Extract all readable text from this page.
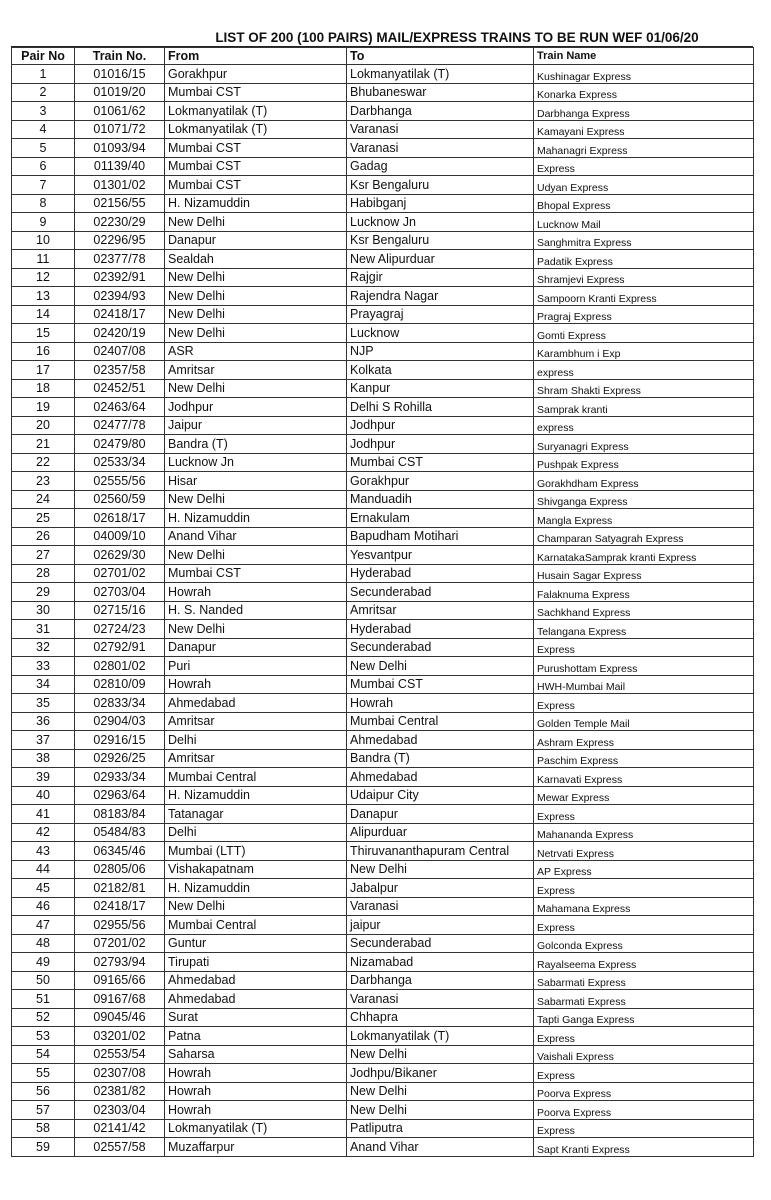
LIST OF 200 (100 PAIRS) MAIL/EXPRESS TRAINS TO BE RUN WEF 01/06/20
Pair No	Train No.	From	To	Train Name
1	01016/15	Gorakhpur	Lokmanyatilak (T)	Kushinagar Express
2	01019/20	Mumbai CST	Bhubaneswar	Konarka Express
3	01061/62	Lokmanyatilak (T)	Darbhanga	Darbhanga Express
4	01071/72	Lokmanyatilak (T)	Varanasi	Kamayani Express
5	01093/94	Mumbai CST	Varanasi	Mahanagri Express
6	01139/40	Mumbai CST	Gadag	Express
7	01301/02	Mumbai CST	Ksr Bengaluru	Udyan Express
8	02156/55	H. Nizamuddin	Habibganj	Bhopal Express
9	02230/29	New Delhi	Lucknow Jn	Lucknow Mail
10	02296/95	Danapur	Ksr Bengaluru	Sanghmitra Express
11	02377/78	Sealdah	New Alipurduar	Padatik Express
12	02392/91	New Delhi	Rajgir	Shramjevi Express
13	02394/93	New Delhi	Rajendra Nagar	Sampoorn Kranti Express
14	02418/17	New Delhi	Prayagraj	Pragraj Express
15	02420/19	New Delhi	Lucknow	Gomti Express
16	02407/08	ASR	NJP	Karambhum i Exp
17	02357/58	Amritsar	Kolkata	express
18	02452/51	New Delhi	Kanpur	Shram Shakti Express
19	02463/64	Jodhpur	Delhi S Rohilla	Samprak kranti
20	02477/78	Jaipur	Jodhpur	express
21	02479/80	Bandra (T)	Jodhpur	Suryanagri Express
22	02533/34	Lucknow Jn	Mumbai CST	Pushpak Express
23	02555/56	Hisar	Gorakhpur	Gorakhdham Express
24	02560/59	New Delhi	Manduadih	Shivganga Express
25	02618/17	H. Nizamuddin	Ernakulam	Mangla Express
26	04009/10	Anand Vihar	Bapudham Motihari	Champaran Satyagrah Express
27	02629/30	New Delhi	Yesvantpur	KarnatakaSamprak kranti Express
28	02701/02	Mumbai CST	Hyderabad	Husain Sagar Express
29	02703/04	Howrah	Secunderabad	Falaknuma Express
30	02715/16	H. S. Nanded	Amritsar	Sachkhand Express
31	02724/23	New Delhi	Hyderabad	Telangana Express
32	02792/91	Danapur	Secunderabad	Express
33	02801/02	Puri	New Delhi	Purushottam Express
34	02810/09	Howrah	Mumbai CST	HWH-Mumbai Mail
35	02833/34	Ahmedabad	Howrah	Express
36	02904/03	Amritsar	Mumbai Central	Golden Temple Mail
37	02916/15	Delhi	Ahmedabad	Ashram Express
38	02926/25	Amritsar	Bandra (T)	Paschim Express
39	02933/34	Mumbai Central	Ahmedabad	Karnavati Express
40	02963/64	H. Nizamuddin	Udaipur City	Mewar Express
41	08183/84	Tatanagar	Danapur	Express
42	05484/83	Delhi	Alipurduar	Mahananda Express
43	06345/46	Mumbai (LTT)	Thiruvananthapuram Central	Netrvati Express
44	02805/06	Vishakapatnam	New Delhi	AP Express
45	02182/81	H. Nizamuddin	Jabalpur	Express
46	02418/17	New Delhi	Varanasi	Mahamana Express
47	02955/56	Mumbai Central	jaipur	Express
48	07201/02	Guntur	Secunderabad	Golconda Express
49	02793/94	Tirupati	Nizamabad	Rayalseema Express
50	09165/66	Ahmedabad	Darbhanga	Sabarmati Express
51	09167/68	Ahmedabad	Varanasi	Sabarmati Express
52	09045/46	Surat	Chhapra	Tapti Ganga Express
53	03201/02	Patna	Lokmanyatilak (T)	Express
54	02553/54	Saharsa	New Delhi	Vaishali Express
55	02307/08	Howrah	Jodhpu/Bikaner	Express
56	02381/82	Howrah	New Delhi	Poorva Express
57	02303/04	Howrah	New Delhi	Poorva Express
58	02141/42	Lokmanyatilak (T)	Patliputra	Express
59	02557/58	Muzaffarpur	Anand Vihar	Sapt Kranti Express
